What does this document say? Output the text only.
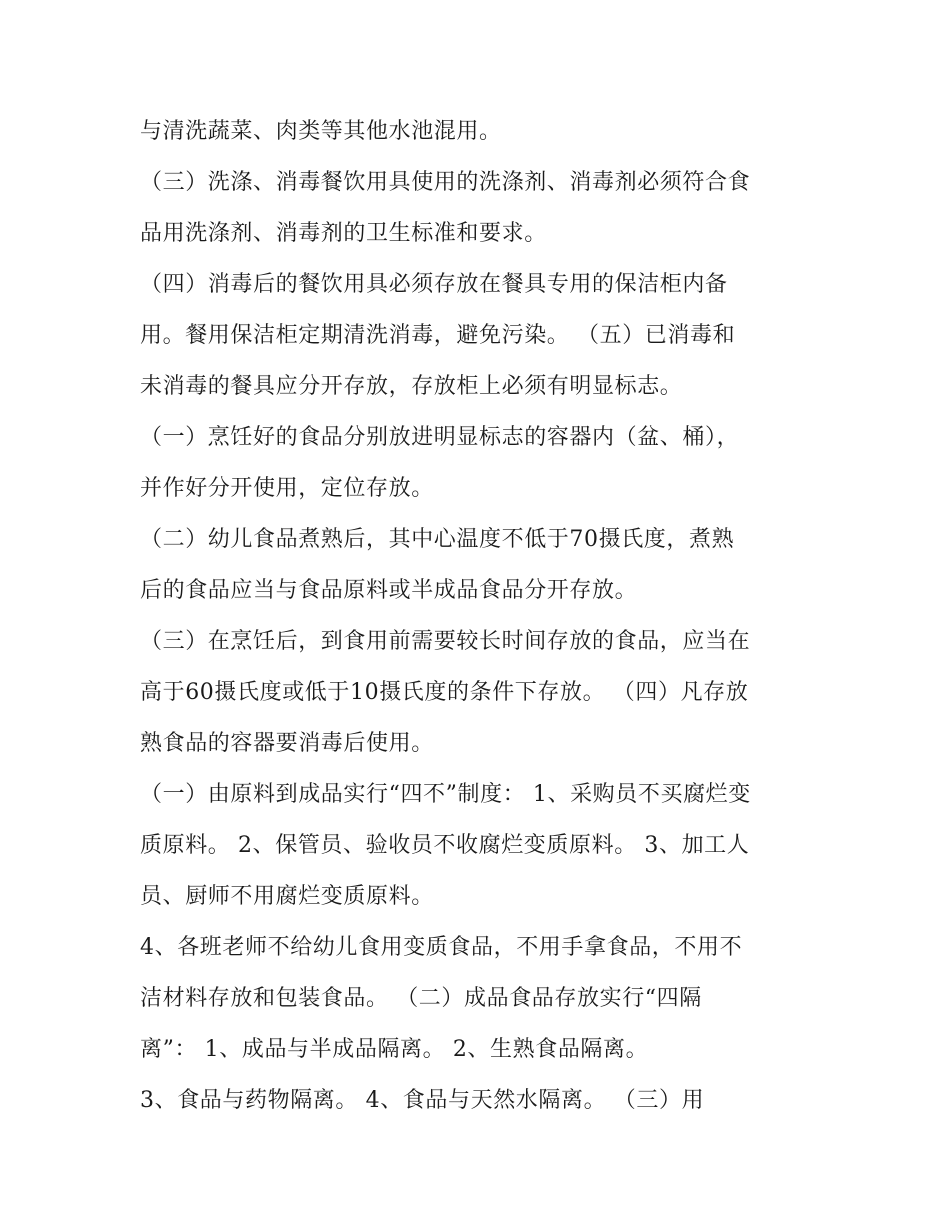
与清洗蔬菜、肉类等其他水池混用。
（三）洗涤、消毒餐饮用具使用的洗涤剂、消毒剂必须符合食
品用洗涤剂、消毒剂的卫生标准和要求。
（四）消毒后的餐饮用具必须存放在餐具专用的保洁柜内备
用。餐用保洁柜定期清洗消毒，避免污染。 （五）已消毒和
未消毒的餐具应分开存放，存放柜上必须有明显标志。
（一）烹饪好的食品分别放进明显标志的容器内（盆、桶），
并作好分开使用，定位存放。
（二）幼儿食品煮熟后，其中心温度不低于70摄氏度，煮熟
后的食品应当与食品原料或半成品食品分开存放。
（三）在烹饪后，到食用前需要较长时间存放的食品，应当在
高于60摄氏度或低于10摄氏度的条件下存放。 （四）凡存放
熟食品的容器要消毒后使用。
（一）由原料到成品实行“四不”制度： 1、采购员不买腐烂变
质原料。 2、保管员、验收员不收腐烂变质原料。 3、加工人
员、厨师不用腐烂变质原料。
4、各班老师不给幼儿食用变质食品，不用手拿食品，不用不
洁材料存放和包装食品。 （二）成品食品存放实行“四隔
离”： 1、成品与半成品隔离。 2、生熟食品隔离。
3、食品与药物隔离。 4、食品与天然水隔离。 （三）用
